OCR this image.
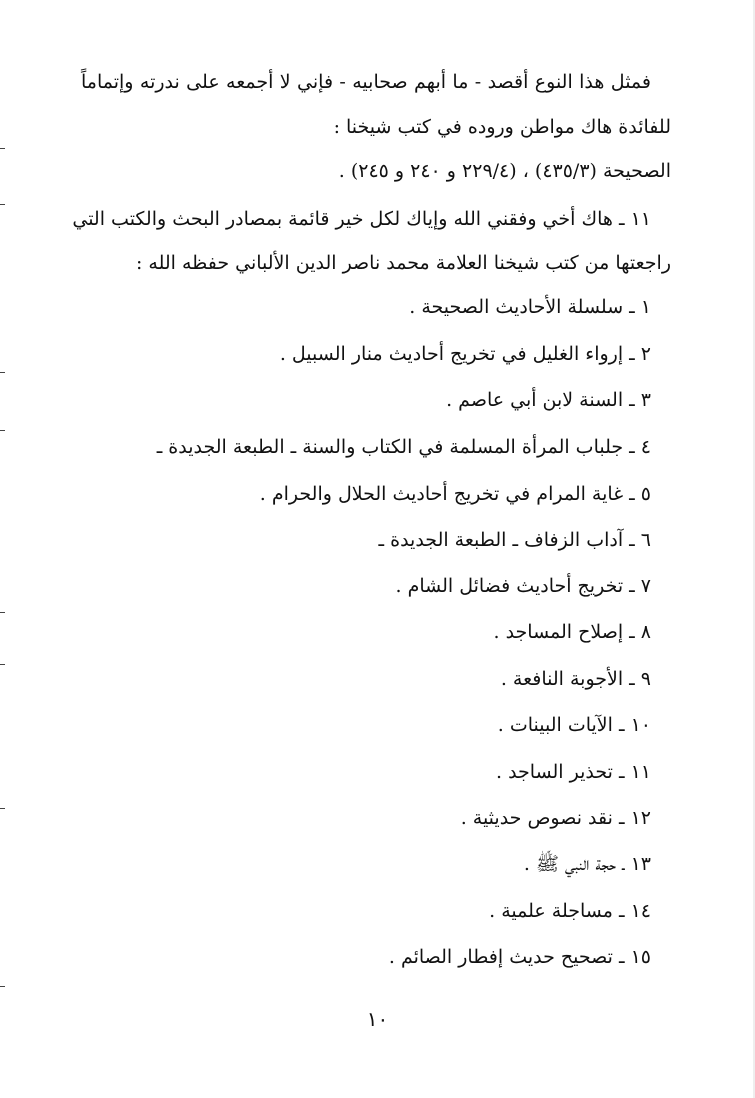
فمثل هذا النوع أقصد - ما أبهم صحابيه - فإني لا أجمعه على ندرته وإتماماً
للفائدة هاك مواطن وروده في كتب شيخنا :
الصحيحة (٤٣٥/٣) ، (٢٢٩/٤ و ٢٤٠ و ٢٤٥) .
١١ ـ هاك أخي وفقني الله وإياك لكل خير قائمة بمصادر البحث والكتب التي
راجعتها من كتب شيخنا العلامة محمد ناصر الدين الألباني حفظه الله :
١ ـ سلسلة الأحاديث الصحيحة .
٢ ـ إرواء الغليل في تخريج أحاديث منار السبيل .
٣ ـ السنة لابن أبي عاصم .
٤ ـ جلباب المرأة المسلمة في الكتاب والسنة ـ الطبعة الجديدة ـ
٥ ـ غاية المرام في تخريج أحاديث الحلال والحرام .
٦ ـ آداب الزفاف ـ الطبعة الجديدة ـ
٧ ـ تخريج أحاديث فضائل الشام .
٨ ـ إصلاح المساجد .
٩ ـ الأجوبة النافعة .
١٠ ـ الآيات البينات .
١١ ـ تحذير الساجد .
١٢ ـ نقد نصوص حديثية .
١٣ ـ حجة النبي ﷺ .
١٤ ـ مساجلة علمية .
١٥ ـ تصحيح حديث إفطار الصائم .
١٠
